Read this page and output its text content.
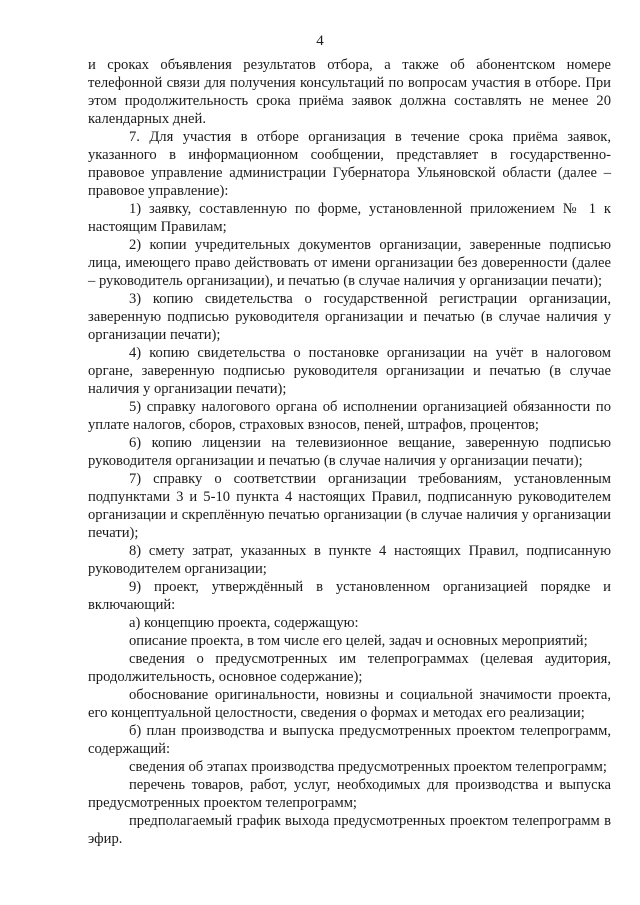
4

и сроках объявления результатов отбора, а также об абонентском номере телефонной связи для получения консультаций по вопросам участия в отборе. При этом продолжительность срока приёма заявок должна составлять не менее 20 календарных дней.

7. Для участия в отборе организация в течение срока приёма заявок, указанного в информационном сообщении, представляет в государственно-правовое управление администрации Губернатора Ульяновской области (далее – правовое управление):

1) заявку, составленную по форме, установленной приложением № 1 к настоящим Правилам;

2) копии учредительных документов организации, заверенные подписью лица, имеющего право действовать от имени организации без доверенности (далее – руководитель организации), и печатью (в случае наличия у организации печати);

3) копию свидетельства о государственной регистрации организации, заверенную подписью руководителя организации и печатью (в случае наличия у организации печати);

4) копию свидетельства о постановке организации на учёт в налоговом органе, заверенную подписью руководителя организации и печатью (в случае наличия у организации печати);

5) справку налогового органа об исполнении организацией обязанности по уплате налогов, сборов, страховых взносов, пеней, штрафов, процентов;

6) копию лицензии на телевизионное вещание, заверенную подписью руководителя организации и печатью (в случае наличия у организации печати);

7) справку о соответствии организации требованиям, установленным подпунктами 3 и 5-10 пункта 4 настоящих Правил, подписанную руководителем организации и скреплённую печатью организации (в случае наличия у организации печати);

8) смету затрат, указанных в пункте 4 настоящих Правил, подписанную руководителем организации;

9) проект, утверждённый в установленном организацией порядке и включающий:

а) концепцию проекта, содержащую:

описание проекта, в том числе его целей, задач и основных мероприятий;

сведения о предусмотренных им телепрограммах (целевая аудитория, продолжительность, основное содержание);

обоснование оригинальности, новизны и социальной значимости проекта, его концептуальной целостности, сведения о формах и методах его реализации;

б) план производства и выпуска предусмотренных проектом телепрограмм, содержащий:

сведения об этапах производства предусмотренных проектом телепрограмм;

перечень товаров, работ, услуг, необходимых для производства и выпуска предусмотренных проектом телепрограмм;

предполагаемый график выхода предусмотренных проектом телепрограмм в эфир.
